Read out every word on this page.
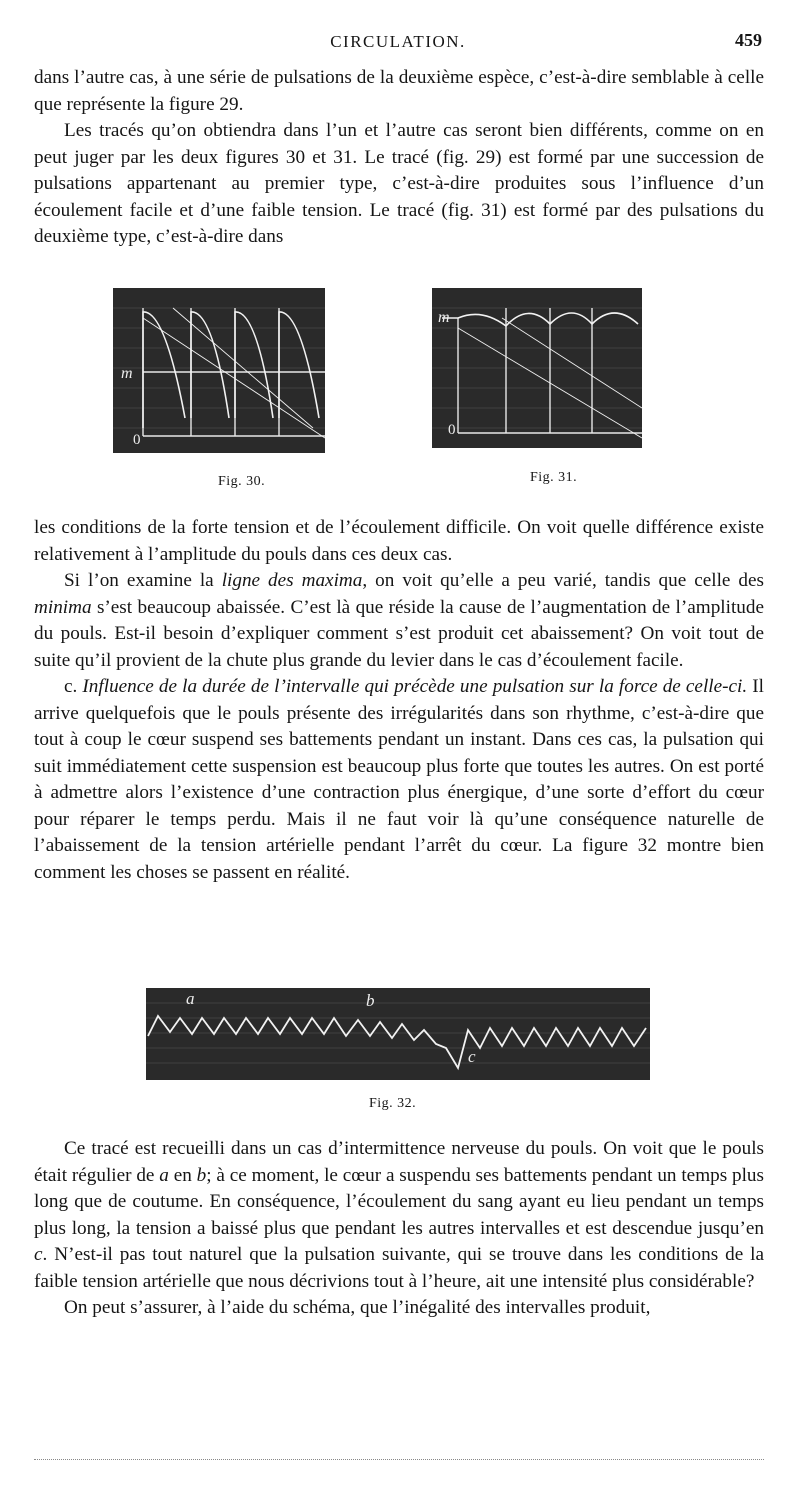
CIRCULATION.	459

dans l’autre cas, à une série de pulsations de la deuxième espèce, c’est-à-dire semblable à celle que représente la figure 29.

Les tracés qu’on obtiendra dans l’un et l’autre cas seront bien différents, comme on en peut juger par les deux figures 30 et 31. Le tracé (fig. 29) est formé par une succession de pulsations appartenant au premier type, c’est-à-dire produites sous l’influence d’un écoulement facile et d’une faible tension. Le tracé (fig. 31) est formé par des pulsations du deuxième type, c’est-à-dire dans

m
0
Fig. 30.
m
0
Fig. 31.

les conditions de la forte tension et de l’écoulement difficile. On voit quelle différence existe relativement à l’amplitude du pouls dans ces deux cas.

Si l’on examine la ligne des maxima, on voit qu’elle a peu varié, tandis que celle des minima s’est beaucoup abaissée. C’est là que réside la cause de l’augmentation de l’amplitude du pouls. Est-il besoin d’expliquer comment s’est produit cet abaissement? On voit tout de suite qu’il provient de la chute plus grande du levier dans le cas d’écoulement facile.

c. Influence de la durée de l’intervalle qui précède une pulsation sur la force de celle-ci. Il arrive quelquefois que le pouls présente des irrégularités dans son rhythme, c’est-à-dire que tout à coup le cœur suspend ses battements pendant un instant. Dans ces cas, la pulsation qui suit immédiatement cette suspension est beaucoup plus forte que toutes les autres. On est porté à admettre alors l’existence d’une contraction plus énergique, d’une sorte d’effort du cœur pour réparer le temps perdu. Mais il ne faut voir là qu’une conséquence naturelle de l’abaissement de la tension artérielle pendant l’arrêt du cœur. La figure 32 montre bien comment les choses se passent en réalité.

a	b
c
Fig. 32.

Ce tracé est recueilli dans un cas d’intermittence nerveuse du pouls. On voit que le pouls était régulier de a en b; à ce moment, le cœur a suspendu ses battements pendant un temps plus long que de coutume. En conséquence, l’écoulement du sang ayant eu lieu pendant un temps plus long, la tension a baissé plus que pendant les autres intervalles et est descendue jusqu’en c. N’est-il pas tout naturel que la pulsation suivante, qui se trouve dans les conditions de la faible tension artérielle que nous décrivions tout à l’heure, ait une intensité plus considérable?

On peut s’assurer, à l’aide du schéma, que l’inégalité des intervalles produit,
